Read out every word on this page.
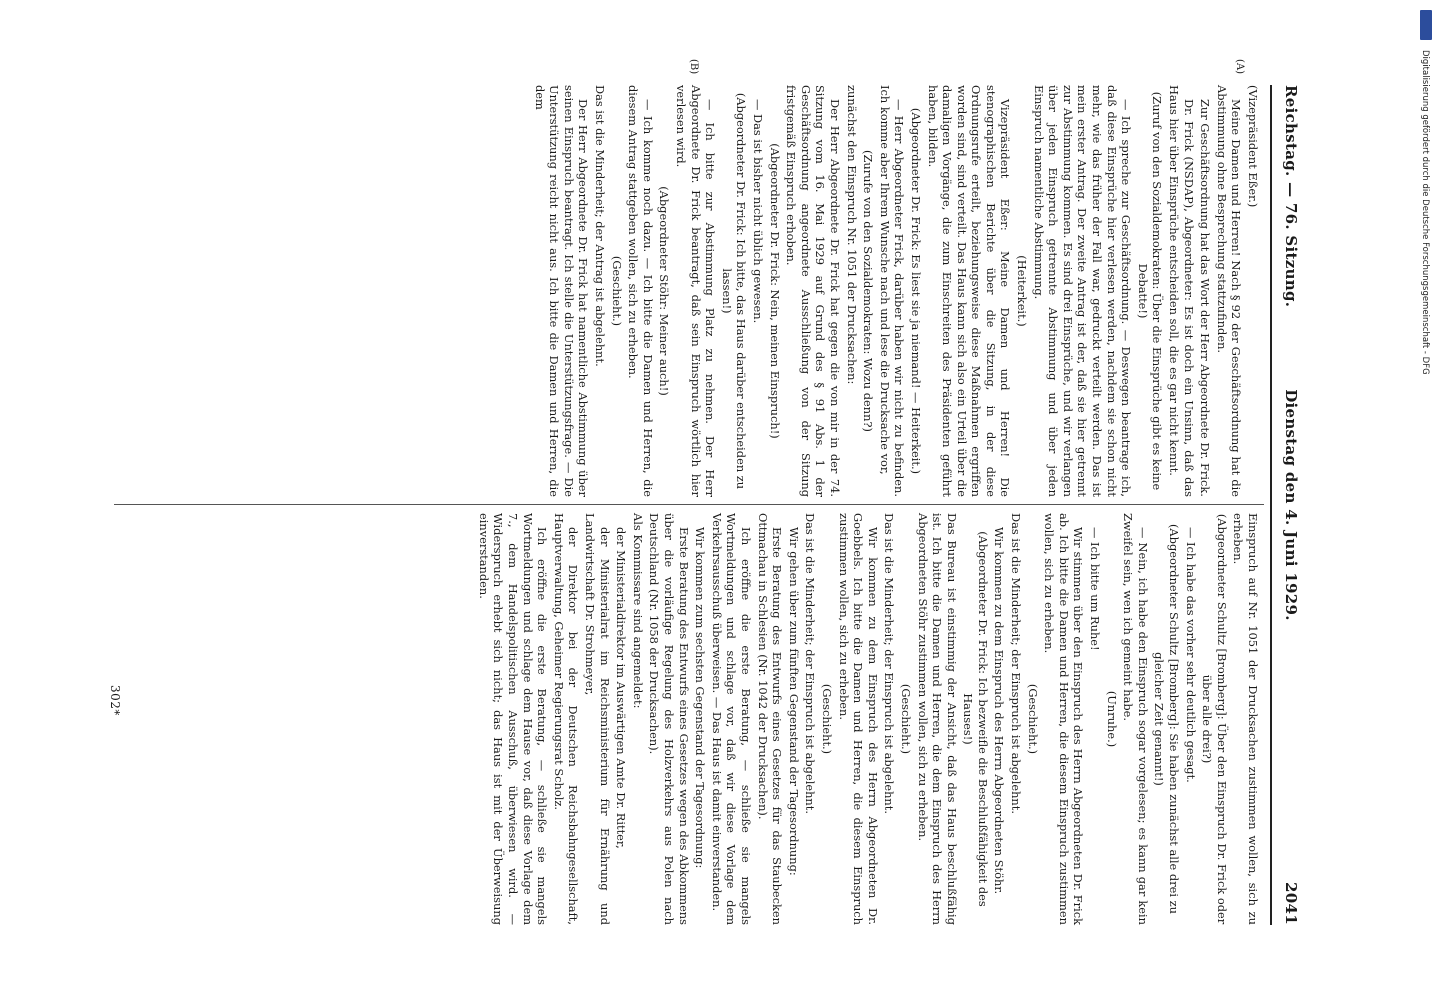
Reichstag. — 76. Sitzung.
Dienstag den 4. Juni 1929.
2041
(A)
(B)

(Vizepräsident Eßer.)

Meine Damen und Herren! Nach § 92 der Geschäftsordnung hat die Abstimmung ohne Besprechung stattzufinden.

Zur Geschäftsordnung hat das Wort der Herr Abgeordnete Dr. Frick.

Dr. Frick (NSDAP), Abgeordneter: Es ist doch ein Unsinn, daß das Haus hier über Einsprüche entscheiden soll, die es gar nicht kennt.

(Zuruf von den Sozialdemokraten: Über die Einsprüche gibt es keine Debatte!)

— Ich spreche zur Geschäftsordnung. — Deswegen beantrage ich, daß diese Einsprüche hier verlesen werden, nachdem sie schon nicht mehr, wie das früher der Fall war, gedruckt verteilt werden. Das ist mein erster Antrag. Der zweite Antrag ist der, daß sie hier getrennt zur Abstimmung kommen. Es sind drei Einsprüche, und wir verlangen über jeden Einspruch getrennte Abstimmung und über jeden Einspruch namentliche Abstimmung.

(Heiterkeit.)

Vizepräsident Eßer: Meine Damen und Herren! Die stenographischen Berichte über die Sitzung, in der diese Ordnungsrufe erteilt, beziehungsweise diese Maßnahmen ergriffen worden sind, sind verteilt. Das Haus kann sich also ein Urteil über die damaligen Vorgänge, die zum Einschreiten des Präsidenten geführt haben, bilden.

(Abgeordneter Dr. Frick: Es liest sie ja niemand! — Heiterkeit.)

— Herr Abgeordneter Frick, darüber haben wir nicht zu befinden. Ich komme aber Ihrem Wunsche nach und lese die Drucksache vor,

(Zurufe von den Sozialdemokraten: Wozu denn?)

zunächst den Einspruch Nr. 1051 der Drucksachen:

Der Herr Abgeordnete Dr. Frick hat gegen die von mir in der 74. Sitzung vom 16. Mai 1929 auf Grund des § 91 Abs. 1 der Geschäftsordnung angeordnete Ausschließung von der Sitzung fristgemäß Einspruch erhoben.

(Abgeordneter Dr. Frick: Nein, meinen Einspruch!)

— Das ist bisher nicht üblich gewesen.

(Abgeordneter Dr. Frick: Ich bitte, das Haus darüber entscheiden zu lassen!)

— Ich bitte zur Abstimmung Platz zu nehmen. Der Herr Abgeordnete Dr. Frick beantragt, daß sein Einspruch wörtlich hier verlesen wird.

(Abgeordneter Stöhr: Meiner auch!)

— Ich komme noch dazu. — Ich bitte die Damen und Herren, die diesem Antrag stattgeben wollen, sich zu erheben.

(Geschieht.)

Das ist die Minderheit; der Antrag ist abgelehnt.

Der Herr Abgeordnete Dr. Frick hat namentliche Abstimmung über seinen Einspruch beantragt. Ich stelle die Unterstützungsfrage. — Die Unterstützung reicht nicht aus. Ich bitte die Damen und Herren, die dem

Einspruch auf Nr. 1051 der Drucksachen zustimmen wollen, sich zu erheben.

(Abgeordneter Schultz [Bromberg]: Über den Einspruch Dr. Frick oder über alle drei?)

— Ich habe das vorher sehr deutlich gesagt.

(Abgeordneter Schultz [Bromberg]: Sie haben zunächst alle drei zu gleicher Zeit genannt!)

— Nein, ich habe den Einspruch sogar vorgelesen; es kann gar kein Zweifel sein, wen ich gemeint habe.

(Unruhe.)

— Ich bitte um Ruhe!

Wir stimmen über den Einspruch des Herrn Abgeordneten Dr. Frick ab. Ich bitte die Damen und Herren, die diesem Einspruch zustimmen wollen, sich zu erheben.

(Geschieht.)

Das ist die Minderheit; der Einspruch ist abgelehnt.

Wir kommen zu dem Einspruch des Herrn Abgeordneten Stöhr.

(Abgeordneter Dr. Frick: Ich bezweifle die Beschlußfähigkeit des Hauses!)

Das Bureau ist einstimmig der Ansicht, daß das Haus beschlußfähig ist. Ich bitte die Damen und Herren, die dem Einspruch des Herrn Abgeordneten Stöhr zustimmen wollen, sich zu erheben.

(Geschieht.)

Das ist die Minderheit; der Einspruch ist abgelehnt.

Wir kommen zu dem Einspruch des Herrn Abgeordneten Dr. Goebbels. Ich bitte die Damen und Herren, die diesem Einspruch zustimmen wollen, sich zu erheben.

(Geschieht.)

Das ist die Minderheit; der Einspruch ist abgelehnt.

Wir gehen über zum fünften Gegenstand der Tagesordnung:

Erste Beratung des Entwurfs eines Gesetzes für das Staubecken Ottmachau in Schlesien (Nr. 1042 der Drucksachen).

Ich eröffne die erste Beratung, — schließe sie mangels Wortmeldungen und schlage vor, daß wir diese Vorlage dem Verkehrsausschuß überweisen. — Das Haus ist damit einverstanden.

Wir kommen zum sechsten Gegenstand der Tagesordnung:

Erste Beratung des Entwurfs eines Gesetzes wegen des Abkommens über die vorläufige Regelung des Holzverkehrs aus Polen nach Deutschland (Nr. 1058 der Drucksachen).

Als Kommissare sind angemeldet:

der Ministerialdirektor im Auswärtigen Amte Dr. Ritter,

der Ministerialrat im Reichsministerium für Ernährung und Landwirtschaft Dr. Strohmeyer,

der Direktor bei der Deutschen Reichsbahngesellschaft, Hauptverwaltung, Geheimer Regierungsrat Scholz.

Ich eröffne die erste Beratung, — schließe sie mangels Wortmeldungen und schlage dem Hause vor, daß diese Vorlage dem 7., dem Handelspolitischen Ausschuß, überwiesen wird. — Widerspruch erhebt sich nicht; das Haus ist mit der Überweisung einverstanden.

302*
Digitalisierung gefördert durch die Deutsche Forschungsgemeinschaft - DFG
